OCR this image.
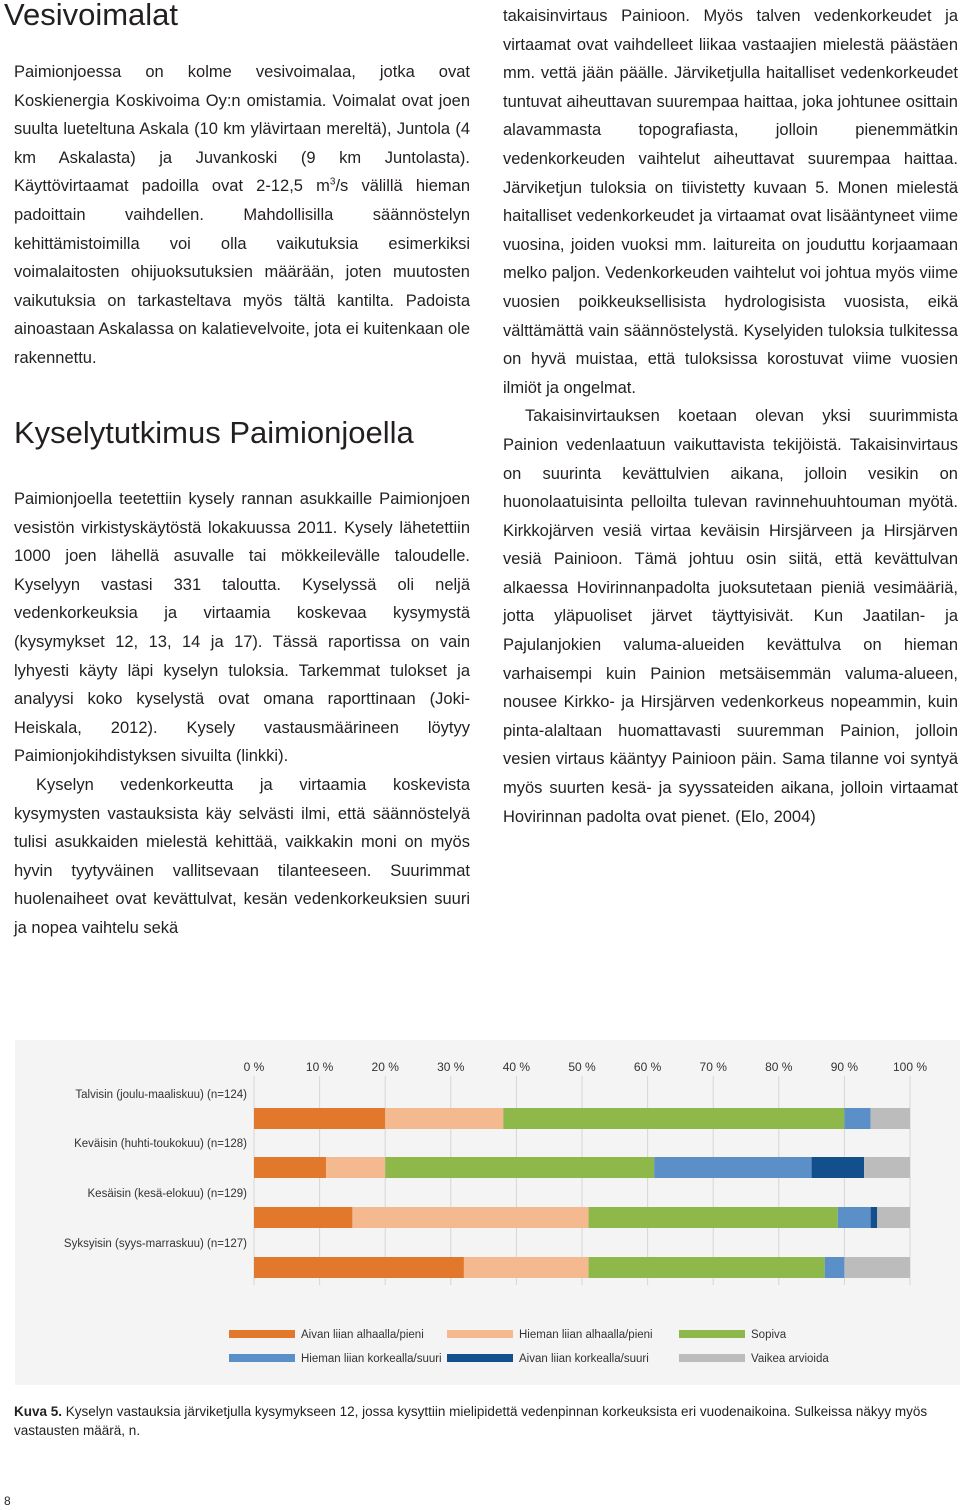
Vesivoimalat

Paimionjoessa on kolme vesivoimalaa, jotka ovat Koskienergia Koskivoima Oy:n omistamia. Voimalat ovat joen suulta lueteltuna Askala (10 km ylävirtaan mereltä), Juntola (4 km Askalasta) ja Juvankoski (9 km Juntolasta). Käyttövirtaamat padoilla ovat 2-12,5 $m^3/s$ välillä hieman padoittain vaihdellen. Mahdollisilla säännöstelyn kehittämistoimilla voi olla vaikutuksia esimerkiksi voimalaitosten ohijuoksutuksien määrään, joten muutosten vaikutuksia on tarkasteltava myös tältä kantilta. Padoista ainoastaan Askalassa on kalatievelvoite, jota ei kuitenkaan ole rakennettu.

Kyselytutkimus Paimionjoella

Paimionjoella teetettiin kysely rannan asukkaille Paimionjoen vesistön virkistyskäytöstä lokakuussa 2011. Kysely lähetettiin 1000 joen lähellä asuvalle tai mökkeilevälle taloudelle. Kyselyyn vastasi 331 taloutta. Kyselyssä oli neljä vedenkorkeuksia ja virtaamia koskevaa kysymystä (kysymykset 12, 13, 14 ja 17). Tässä raportissa on vain lyhyesti käyty läpi kyselyn tuloksia. Tarkemmat tulokset ja analyysi koko kyselystä ovat omana raporttinaan (Joki-Heiskala, 2012). Kysely vastausmäärineen löytyy Paimionjokihdistyksen sivuilta (linkki).

Kyselyn vedenkorkeutta ja virtaamia koskevista kysymysten vastauksista käy selvästi ilmi, että säännöstelyä tulisi asukkaiden mielestä kehittää, vaikkakin moni on myös hyvin tyytyväinen vallitsevaan tilanteeseen. Suurimmat huolenaiheet ovat kevättulvat, kesän vedenkorkeuksien suuri ja nopea vaihtelu sekä

takaisinvirtaus Painioon. Myös talven vedenkorkeudet ja virtaamat ovat vaihdelleet liikaa vastaajien mielestä päästäen mm. vettä jään päälle. Järviketjulla haitalliset vedenkorkeudet tuntuvat aiheuttavan suurempaa haittaa, joka johtunee osittain alavammasta topografiasta, jolloin pienemmätkin vedenkorkeuden vaihtelut aiheuttavat suurempaa haittaa. Järviketjun tuloksia on tiivistetty kuvaan 5. Monen mielestä haitalliset vedenkorkeudet ja virtaamat ovat lisääntyneet viime vuosina, joiden vuoksi mm. laitureita on jouduttu korjaamaan melko paljon. Vedenkorkeuden vaihtelut voi johtua myös viime vuosien poikkeuksellisista hydrologisista vuosista, eikä välttämättä vain säännöstelystä. Kyselyiden tuloksia tulkitessa on hyvä muistaa, että tuloksissa korostuvat viime vuosien ilmiöt ja ongelmat.

Takaisinvirtauksen koetaan olevan yksi suurimmista Painion vedenlaatuun vaikuttavista tekijöistä. Takaisinvirtaus on suurinta kevättulvien aikana, jolloin vesikin on huonolaatuisinta pelloilta tulevan ravinnehuuhtouman myötä. Kirkkojärven vesiä virtaa keväisin Hirsjärveen ja Hirsjärven vesiä Painioon. Tämä johtuu osin siitä, että kevättulvan alkaessa Hovirinnanpadolta juoksutetaan pieniä vesimääriä, jotta yläpuoliset järvet täyttyisivät. Kun Jaatilan- ja Pajulanjokien valuma-alueiden kevättulva on hieman varhaisempi kuin Painion metsäisemmän valuma-alueen, nousee Kirkko- ja Hirsjärven vedenkorkeus nopeammin, kuin pinta-alaltaan huomattavasti suuremman Painion, jolloin vesien virtaus kääntyy Painioon päin. Sama tilanne voi syntyä myös suurten kesä- ja syyssateiden aikana, jolloin virtaamat Hovirinnan padolta ovat pienet. (Elo, 2004)

0 %	10 %	20 %	30 %	40 %	50 %	60 %	70 %	80 %	90 %	100 %
Talvisin (joulu-maaliskuu) (n=124)
Keväisin (huhti-toukokuu) (n=128)
Kesäisin (kesä-elokuu) (n=129)
Syksyisin (syys-marraskuu) (n=127)
Aivan liian alhaalla/pieni	Hieman liian alhaalla/pieni	Sopiva
Hieman liian korkealla/suuri	Aivan liian korkealla/suuri	Vaikea arvioida
Kuva 5. Kyselyn vastauksia järviketjulla kysymykseen 12, jossa kysyttiin mielipidettä vedenpinnan korkeuksista eri vuodenaikoina. Sulkeissa näkyy myös vastausten määrä, n.
8
